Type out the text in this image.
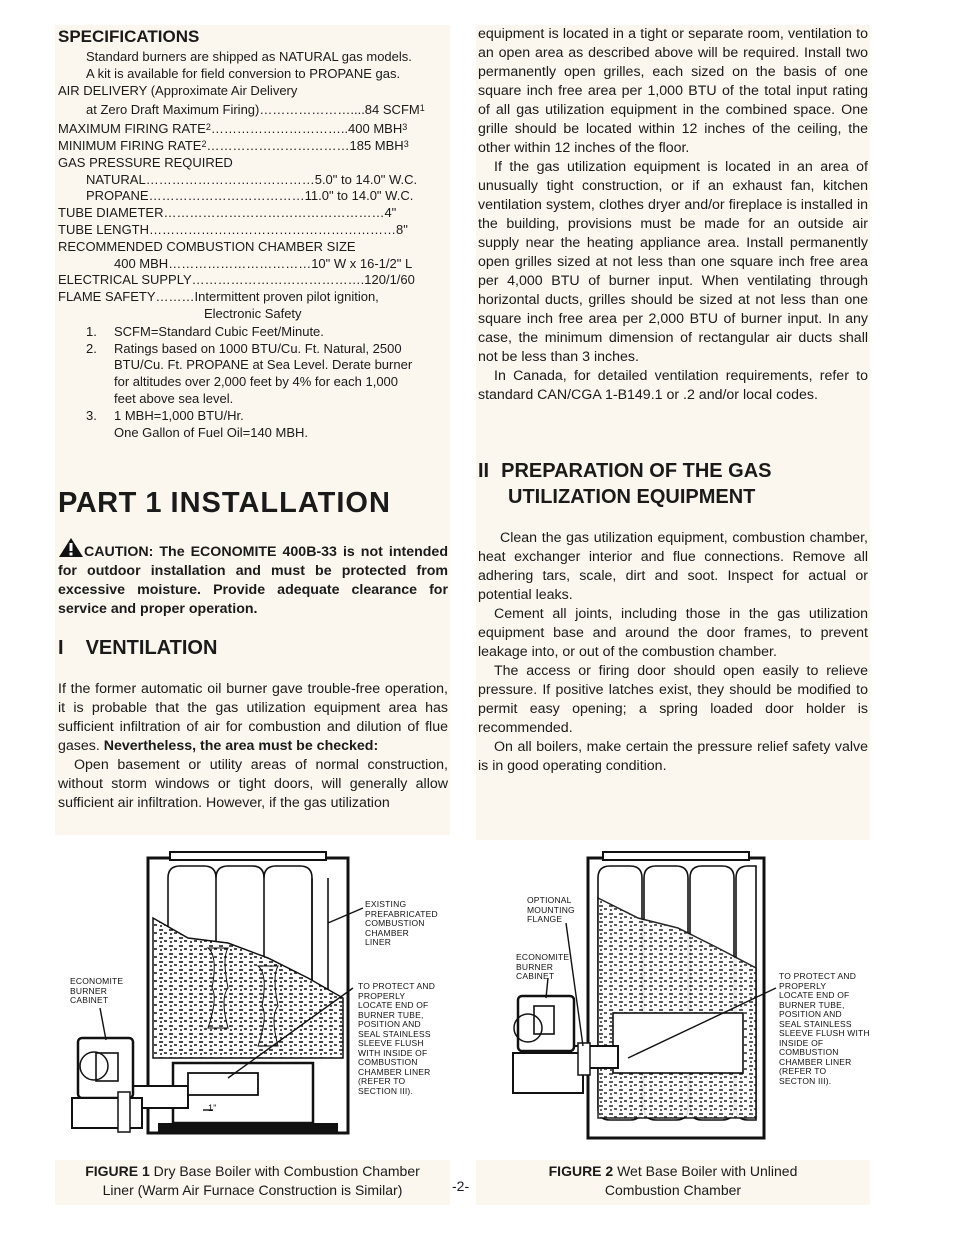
SPECIFICATIONS
Standard burners are shipped as NATURAL gas models.
A kit is available for field conversion to PROPANE gas.
AIR DELIVERY (Approximate Air Delivery
at Zero Draft Maximum Firing)…………………....84 SCFM$^1$
MAXIMUM FIRING RATE$^2$…………………………..400 MBH$^3$
MINIMUM FIRING RATE$^2$……………………………185 MBH$^3$
GAS PRESSURE REQUIRED
NATURAL…………………………………5.0" to 14.0" W.C.
PROPANE………………………………11.0" to 14.0" W.C.
TUBE DIAMETER……………………………………………4"
TUBE LENGTH…………………………………………………8"
RECOMMENDED COMBUSTION CHAMBER SIZE
400 MBH……………………………10" W x 16-1/2" L
ELECTRICAL SUPPLY………………………………….120/1/60
FLAME SAFETY………Intermittent proven pilot ignition,
Electronic Safety
1.	SCFM=Standard Cubic Feet/Minute.
2.	Ratings based on 1000 BTU/Cu. Ft. Natural, 2500
BTU/Cu. Ft. PROPANE at Sea Level. Derate burner
for altitudes over 2,000 feet by 4% for each 1,000
feet above sea level.
3.	1 MBH=1,000 BTU/Hr.
One Gallon of Fuel Oil=140 MBH.
PART 1 INSTALLATION
CAUTION: The ECONOMITE 400B-33 is not intended for outdoor installation and must be protected from excessive moisture. Provide adequate clearance for service and proper operation.
I VENTILATION
If the former automatic oil burner gave trouble-free operation, it is probable that the gas utilization equipment area has sufficient infiltration of air for combustion and dilution of flue gases. Nevertheless, the area must be checked:
Open basement or utility areas of normal construction, without storm windows or tight doors, will generally allow sufficient air infiltration. However, if the gas utilization
equipment is located in a tight or separate room, ventilation to an open area as described above will be required. Install two permanently open grilles, each sized on the basis of one square inch free area per 1,000 BTU of the total input rating of all gas utilization equipment in the combined space. One grille should be located within 12 inches of the ceiling, the other within 12 inches of the floor.
If the gas utilization equipment is located in an area of unusually tight construction, or if an exhaust fan, kitchen ventilation system, clothes dryer and/or fireplace is installed in the building, provisions must be made for an outside air supply near the heating appliance area. Install permanently open grilles sized at not less than one square inch free area per 4,000 BTU of burner input. When ventilating through horizontal ducts, grilles should be sized at not less than one square inch free area per 2,000 BTU of burner input. In any case, the minimum dimension of rectangular air ducts shall not be less than 3 inches.
In Canada, for detailed ventilation requirements, refer to standard CAN/CGA 1-B149.1 or .2 and/or local codes.
II PREPARATION OF THE GAS
UTILIZATION EQUIPMENT
Clean the gas utilization equipment, combustion chamber, heat exchanger interior and flue connections. Remove all adhering tars, scale, dirt and soot. Inspect for actual or potential leaks.
Cement all joints, including those in the gas utilization equipment base and around the door frames, to prevent leakage into, or out of the combustion chamber.
The access or firing door should open easily to relieve pressure. If positive latches exist, they should be modified to permit easy opening; a spring loaded door holder is recommended.
On all boilers, make certain the pressure relief safety valve is in good operating condition.
EXISTING
PREFABRICATED
COMBUSTION
CHAMBER
LINER
ECONOMITE
BURNER
CABINET
TO PROTECT AND
PROPERLY
LOCATE END OF
BURNER TUBE,
POSITION AND
SEAL STAINLESS
SLEEVE FLUSH
WITH INSIDE OF
COMBUSTION
CHAMBER LINER
(REFER TO
SECTION III).
1"
OPTIONAL
MOUNTING
FLANGE
ECONOMITE
BURNER
CABINET	TO PROTECT AND
PROPERLY
LOCATE END OF
BURNER TUBE,
POSITION AND
SEAL STAINLESS
SLEEVE FLUSH WITH
INSIDE OF
COMBUSTION
CHAMBER LINER
(REFER TO
SECTON III).
FIGURE 1 Dry Base Boiler with Combustion Chamber
Liner (Warm Air Furnace Construction is Similar)
FIGURE 2 Wet Base Boiler with Unlined
Combustion Chamber
-2-
